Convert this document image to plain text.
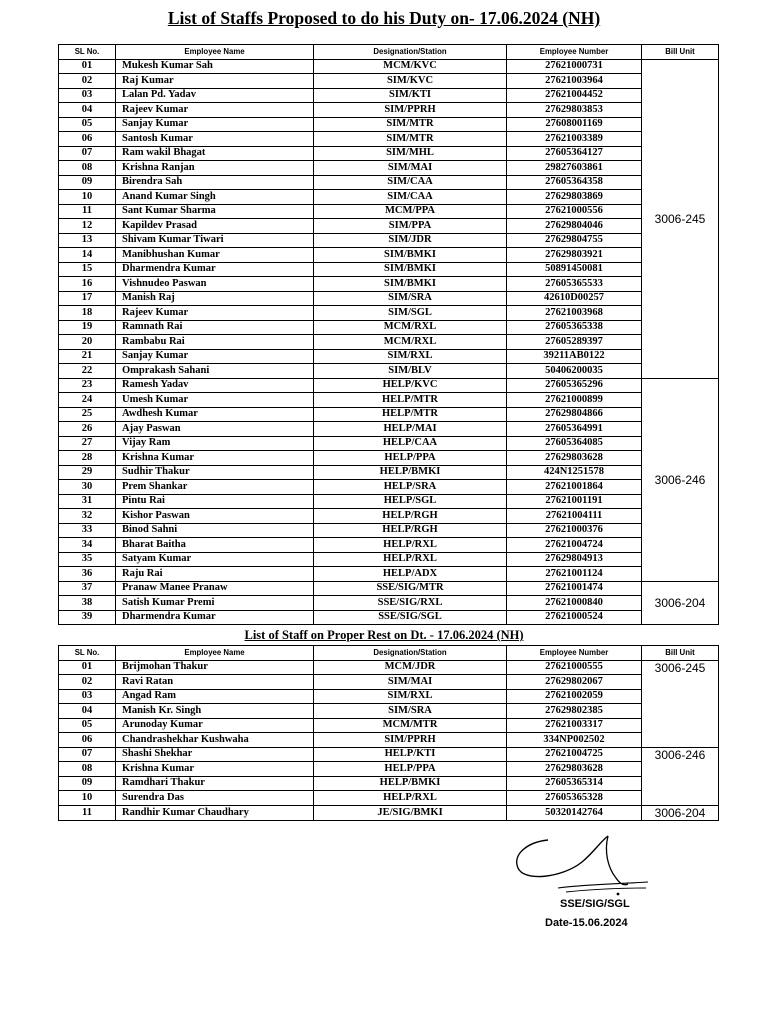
List of Staffs Proposed to do his Duty on- 17.06.2024 (NH)
SL No.	Employee Name	Designation/Station	Employee Number	Bill Unit
01	Mukesh Kumar Sah	MCM/KVC	27621000731	3006-245
02	Raj Kumar	SIM/KVC	27621003964	
03	Lalan Pd. Yadav	SIM/KTI	27621004452	
04	Rajeev Kumar	SIM/PPRH	27629803853	
05	Sanjay Kumar	SIM/MTR	27608001169	
06	Santosh Kumar	SIM/MTR	27621003389	
07	Ram wakil Bhagat	SIM/MHL	27605364127	
08	Krishna Ranjan	SIM/MAI	29827603861	
09	Birendra Sah	SIM/CAA	27605364358	
10	Anand Kumar Singh	SIM/CAA	27629803869	
11	Sant Kumar Sharma	MCM/PPA	27621000556	
12	Kapildev Prasad	SIM/PPA	27629804046	
13	Shivam Kumar Tiwari	SIM/JDR	27629804755	
14	Manibhushan Kumar	SIM/BMKI	27629803921	
15	Dharmendra Kumar	SIM/BMKI	50891450081	
16	Vishnudeo Paswan	SIM/BMKI	27605365533	
17	Manish Raj	SIM/SRA	42610D00257	
18	Rajeev Kumar	SIM/SGL	27621003968	
19	Ramnath Rai	MCM/RXL	27605365338	
20	Rambabu Rai	MCM/RXL	27605289397	
21	Sanjay Kumar	SIM/RXL	39211AB0122	
22	Omprakash Sahani	SIM/BLV	50406200035	
23	Ramesh Yadav	HELP/KVC	27605365296	3006-246
24	Umesh Kumar	HELP/MTR	27621000899	
25	Awdhesh Kumar	HELP/MTR	27629804866	
26	Ajay Paswan	HELP/MAI	27605364991	
27	Vijay Ram	HELP/CAA	27605364085	
28	Krishna Kumar	HELP/PPA	27629803628	
29	Sudhir Thakur	HELP/BMKI	424N1251578	
30	Prem Shankar	HELP/SRA	27621001864	
31	Pintu Rai	HELP/SGL	27621001191	
32	Kishor Paswan	HELP/RGH	27621004111	
33	Binod Sahni	HELP/RGH	27621000376	
34	Bharat Baitha	HELP/RXL	27621004724	
35	Satyam Kumar	HELP/RXL	27629804913	
36	Raju Rai	HELP/ADX	27621001124	
37	Pranaw Manee Pranaw	SSE/SIG/MTR	27621001474	3006-204
38	Satish Kumar Premi	SSE/SIG/RXL	27621000840	
39	Dharmendra Kumar	SSE/SIG/SGL	27621000524	
List of Staff on Proper Rest on Dt. - 17.06.2024 (NH)
SL No.	Employee Name	Designation/Station	Employee Number	Bill Unit
01	Brijmohan Thakur	MCM/JDR	27621000555	3006-245
02	Ravi Ratan	SIM/MAI	27629802067	
03	Angad Ram	SIM/RXL	27621002059	
04	Manish Kr. Singh	SIM/SRA	27629802385	
05	Arunoday Kumar	MCM/MTR	27621003317	
06	Chandrashekhar Kushwaha	SIM/PPRH	334NP002502	
07	Shashi Shekhar	HELP/KTI	27621004725	3006-246
08	Krishna Kumar	HELP/PPA	27629803628	
09	Ramdhari Thakur	HELP/BMKI	27605365314	
10	Surendra Das	HELP/RXL	27605365328	
11	Randhir Kumar Chaudhary	JE/SIG/BMKI	50320142764	3006-204
SSE/SIG/SGL
Date-15.06.2024
